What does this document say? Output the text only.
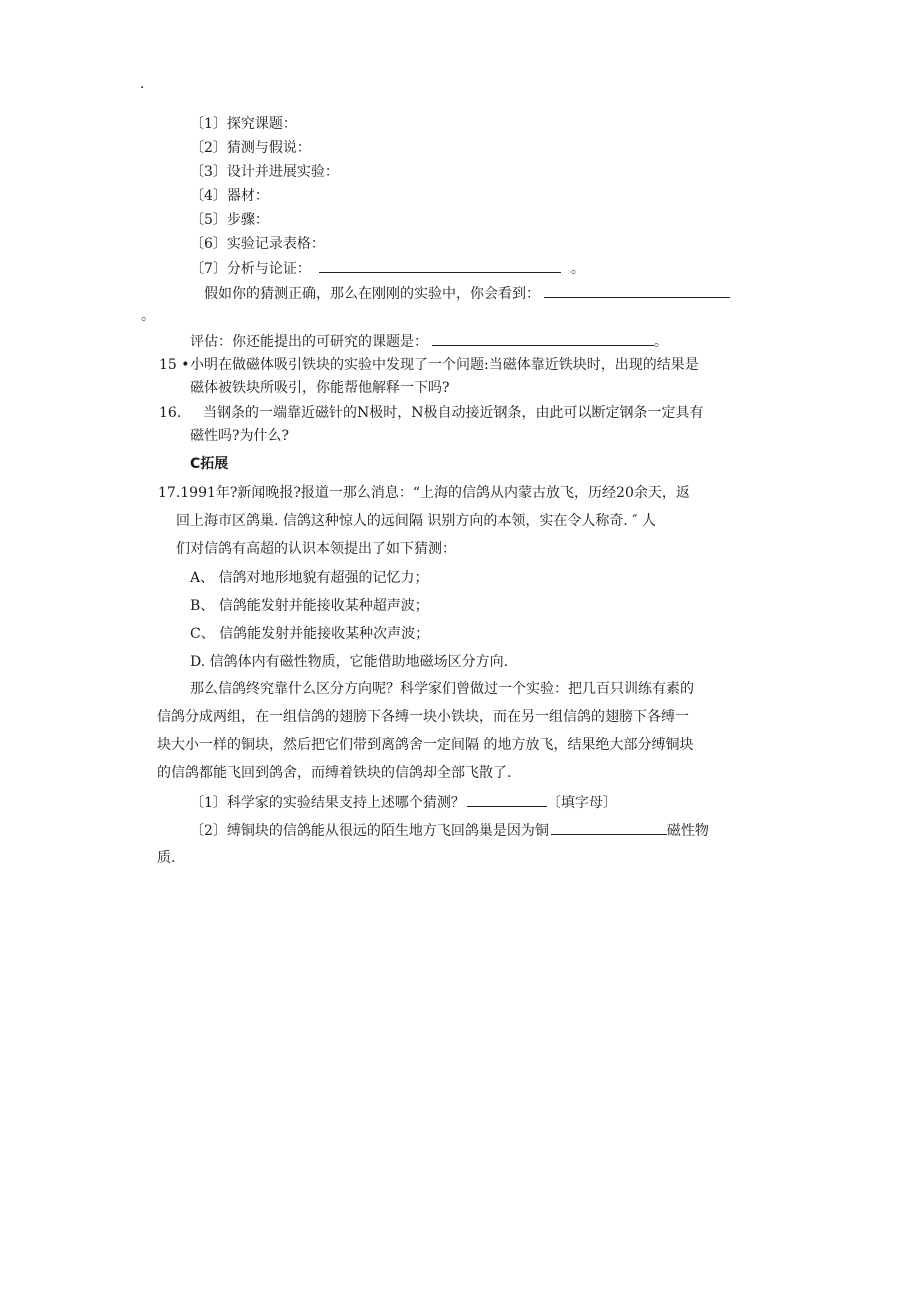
·
〔1〕探究课题：
〔2〕猜测与假说：
〔3〕设计并进展实验：
〔4〕器材：
〔5〕步骤：
〔6〕实验记录表格：
〔7〕分析与论证：	。
假如你的猜测正确，那么在刚刚的实验中，你会看到：
。
评估：你还能提出的可研究的课题是：	。
15 • 小明在做磁体吸引铁块的实验中发现了一个问题:当磁体靠近铁块时，出现的结果是
磁体被铁块所吸引，你能帮他解释一下吗?
16. 当钢条的一端靠近磁针的N极时，N极自动接近钢条，由此可以断定钢条一定具有
磁性吗?为什么?
C拓展
17.1991年?新闻晚报?报道一那么消息：“上海的信鸽从内蒙古放飞，历经20余天，返
回上海市区鸽巢. 信鸽这种惊人的远间隔 识别方向的本领，实在令人称奇. ″ 人
们对信鸽有高超的认识本领提出了如下猜测：
A、 信鸽对地形地貌有超强的记忆力；
B、 信鸽能发射并能接收某种超声波；
C、 信鸽能发射并能接收某种次声波；
D. 信鸽体内有磁性物质，它能借助地磁场区分方向.
那么信鸽终究靠什么区分方向呢？科学家们曾做过一个实验：把几百只训练有素的
信鸽分成两组，在一组信鸽的翅膀下各缚一块小铁块，而在另一组信鸽的翅膀下各缚一
块大小一样的铜块，然后把它们带到离鸽舍一定间隔 的地方放飞，结果绝大部分缚铜块
的信鸽都能飞回到鸽舍，而缚着铁块的信鸽却全部飞散了.
〔1〕科学家的实验结果支持上述哪个猜测？	〔填字母〕
〔2〕缚铜块的信鸽能从很远的陌生地方飞回鸽巢是因为铜	磁性物
质.
